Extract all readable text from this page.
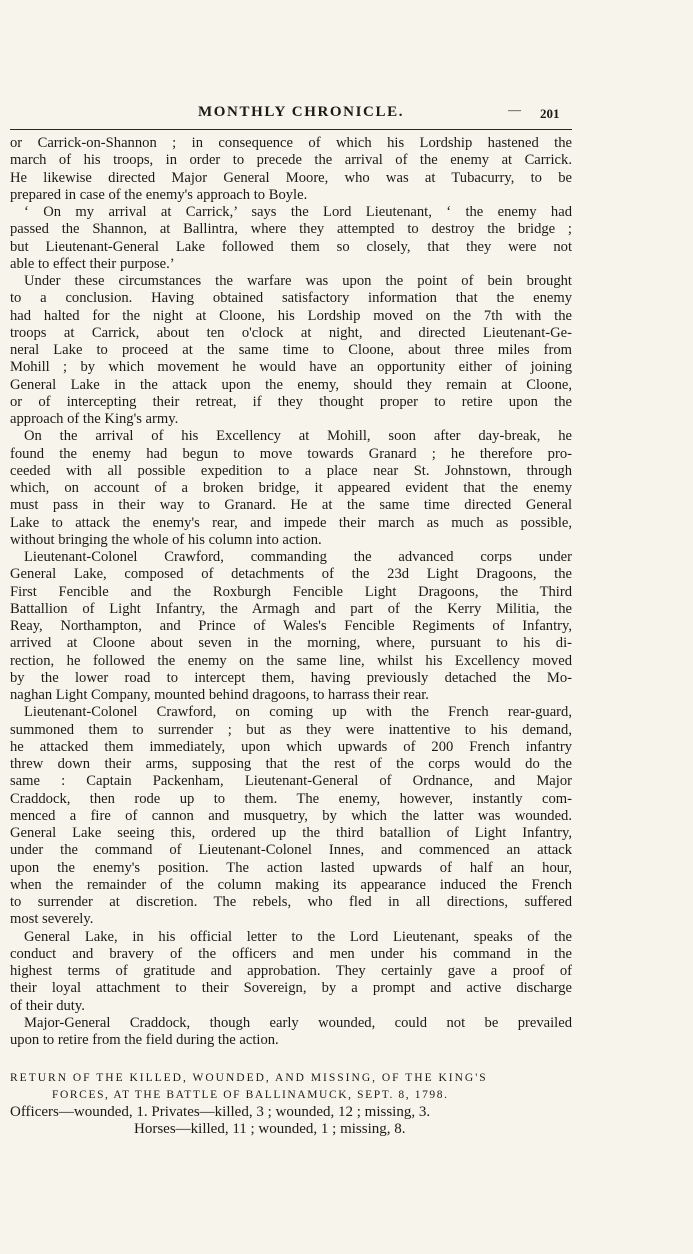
MONTHLY CHRONICLE.	— 201
or Carrick-on-Shannon ; in consequence of which his Lordship hastened the
march of his troops, in order to precede the arrival of the enemy at Carrick.
He likewise directed Major General Moore, who was at Tubacurry, to be
prepared in case of the enemy's approach to Boyle.
‘ On my arrival at Carrick,’ says the Lord Lieutenant, ‘ the enemy had
passed the Shannon, at Ballintra, where they attempted to destroy the bridge ;
but Lieutenant-General Lake followed them so closely, that they were not
able to effect their purpose.’
Under these circumstances the warfare was upon the point of bein brought
to a conclusion. Having obtained satisfactory information that the enemy
had halted for the night at Cloone, his Lordship moved on the 7th with the
troops at Carrick, about ten o'clock at night, and directed Lieutenant-Ge-
neral Lake to proceed at the same time to Cloone, about three miles from
Mohill ; by which movement he would have an opportunity either of joining
General Lake in the attack upon the enemy, should they remain at Cloone,
or of intercepting their retreat, if they thought proper to retire upon the
approach of the King's army.
On the arrival of his Excellency at Mohill, soon after day-break, he
found the enemy had begun to move towards Granard ; he therefore pro-
ceeded with all possible expedition to a place near St. Johnstown, through
which, on account of a broken bridge, it appeared evident that the enemy
must pass in their way to Granard. He at the same time directed General
Lake to attack the enemy's rear, and impede their march as much as possible,
without bringing the whole of his column into action.
Lieutenant-Colonel Crawford, commanding the advanced corps under
General Lake, composed of detachments of the 23d Light Dragoons, the
First Fencible and the Roxburgh Fencible Light Dragoons, the Third
Battallion of Light Infantry, the Armagh and part of the Kerry Militia, the
Reay, Northampton, and Prince of Wales's Fencible Regiments of Infantry,
arrived at Cloone about seven in the morning, where, pursuant to his di-
rection, he followed the enemy on the same line, whilst his Excellency moved
by the lower road to intercept them, having previously detached the Mo-
naghan Light Company, mounted behind dragoons, to harrass their rear.
Lieutenant-Colonel Crawford, on coming up with the French rear-guard,
summoned them to surrender ; but as they were inattentive to his demand,
he attacked them immediately, upon which upwards of 200 French infantry
threw down their arms, supposing that the rest of the corps would do the
same : Captain Packenham, Lieutenant-General of Ordnance, and Major
Craddock, then rode up to them. The enemy, however, instantly com-
menced a fire of cannon and musquetry, by which the latter was wounded.
General Lake seeing this, ordered up the third batallion of Light Infantry,
under the command of Lieutenant-Colonel Innes, and commenced an attack
upon the enemy's position. The action lasted upwards of half an hour,
when the remainder of the column making its appearance induced the French
to surrender at discretion. The rebels, who fled in all directions, suffered
most severely.
General Lake, in his official letter to the Lord Lieutenant, speaks of the
conduct and bravery of the officers and men under his command in the
highest terms of gratitude and approbation. They certainly gave a proof of
their loyal attachment to their Sovereign, by a prompt and active discharge
of their duty.
Major-General Craddock, though early wounded, could not be prevailed
upon to retire from the field during the action.
RETURN OF THE KILLED, WOUNDED, AND MISSING, OF THE KING'S
FORCES, AT THE BATTLE OF BALLINAMUCK, SEPT. 8, 1798.
Officers—wounded, 1. Privates—killed, 3 ; wounded, 12 ; missing, 3.
Horses—killed, 11 ; wounded, 1 ; missing, 8.
